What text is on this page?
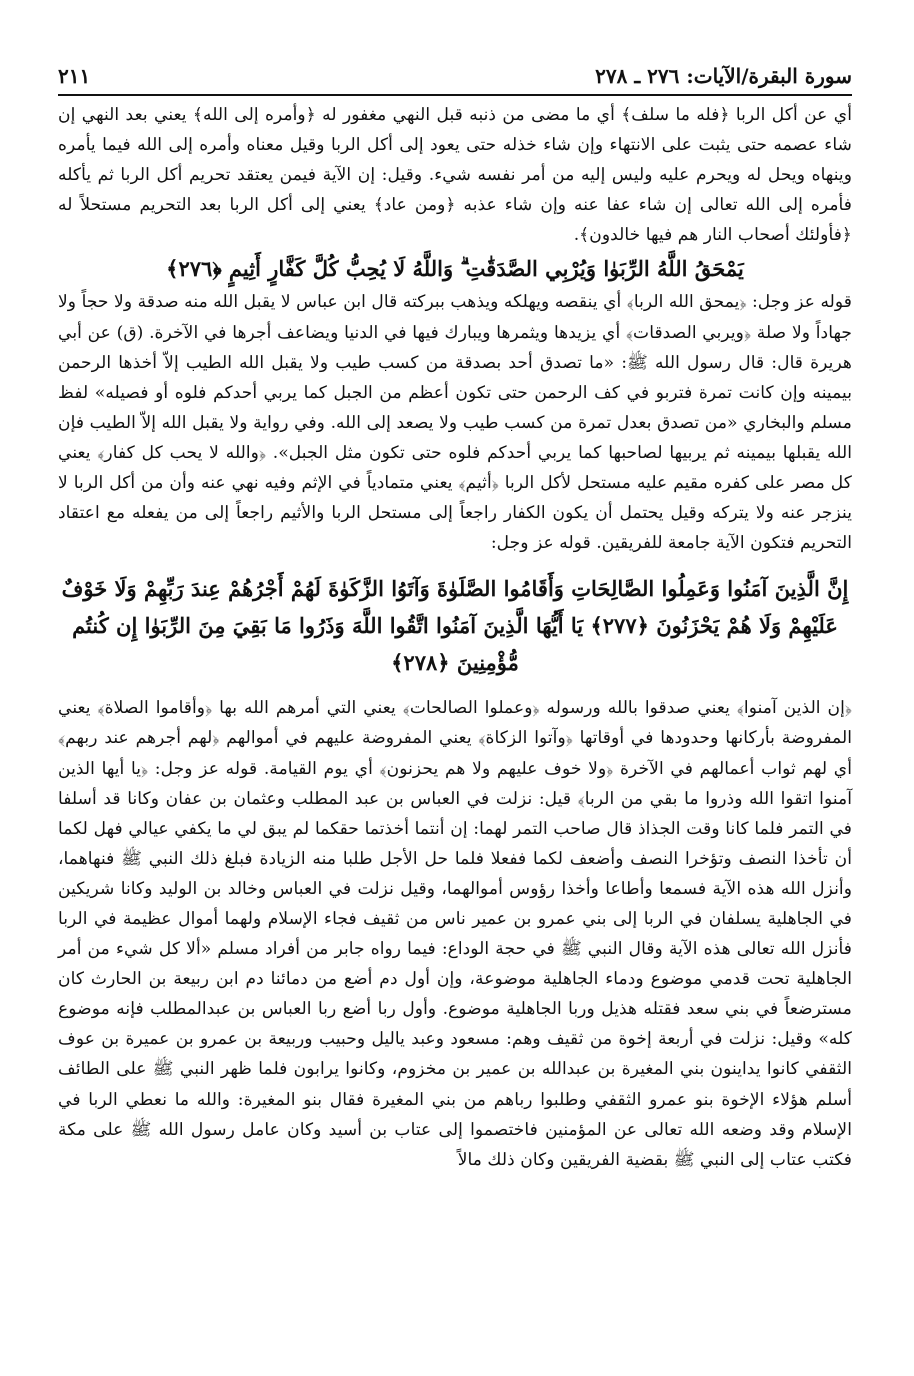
سورة البقرة/الآيات: ٢٧٦ ـ ٢٧٨
٢١١

أي عن أكل الربا ﴿فله ما سلف﴾ أي ما مضى من ذنبه قبل النهي مغفور له ﴿وأمره إلى الله﴾ يعني بعد النهي إن شاء عصمه حتى يثبت على الانتهاء وإن شاء خذله حتى يعود إلى أكل الربا وقيل معناه وأمره إلى الله فيما يأمره وينهاه ويحل له ويحرم عليه وليس إليه من أمر نفسه شيء. وقيل: إن الآية فيمن يعتقد تحريم أكل الربا ثم يأكله فأمره إلى الله تعالى إن شاء عفا عنه وإن شاء عذبه ﴿ومن عاد﴾ يعني إلى أكل الربا بعد التحريم مستحلاً له ﴿فأولئك أصحاب النار هم فيها خالدون﴾.

يَمْحَقُ اللَّهُ الرِّبَوٰا وَيُرْبِي الصَّدَقَٰتِ ۗ وَاللَّهُ لَا يُحِبُّ كُلَّ كَفَّارٍ أَثِيمٍ ﴿٢٧٦﴾

قوله عز وجل: ﴿يمحق الله الربا﴾ أي ينقصه ويهلكه ويذهب ببركته قال ابن عباس لا يقبل الله منه صدقة ولا حجاً ولا جهاداً ولا صلة ﴿ويربي الصدقات﴾ أي يزيدها ويثمرها ويبارك فيها في الدنيا ويضاعف أجرها في الآخرة. (ق) عن أبي هريرة قال: قال رسول الله ﷺ: «ما تصدق أحد بصدقة من كسب طيب ولا يقبل الله الطيب إلاّ أخذها الرحمن بيمينه وإن كانت تمرة فتربو في كف الرحمن حتى تكون أعظم من الجبل كما يربي أحدكم فلوه أو فصيله» لفظ مسلم والبخاري «من تصدق بعدل تمرة من كسب طيب ولا يصعد إلى الله. وفي رواية ولا يقبل الله إلاّ الطيب فإن الله يقبلها بيمينه ثم يربيها لصاحبها كما يربي أحدكم فلوه حتى تكون مثل الجبل». ﴿والله لا يحب كل كفار﴾ يعني كل مصر على كفره مقيم عليه مستحل لأكل الربا ﴿أثيم﴾ يعني متمادياً في الإثم وفيه نهي عنه وأن من أكل الربا لا ينزجر عنه ولا يتركه وقيل يحتمل أن يكون الكفار راجعاً إلى مستحل الربا والأثيم راجعاً إلى من يفعله مع اعتقاد التحريم فتكون الآية جامعة للفريقين. قوله عز وجل:

إِنَّ الَّذِينَ آمَنُوا وَعَمِلُوا الصَّالِحَاتِ وَأَقَامُوا الصَّلَوٰةَ وَآتَوُا الزَّكَوٰةَ لَهُمْ أَجْرُهُمْ عِندَ رَبِّهِمْ وَلَا خَوْفٌ عَلَيْهِمْ وَلَا هُمْ يَحْزَنُونَ ﴿٢٧٧﴾ يَا أَيُّهَا الَّذِينَ آمَنُوا اتَّقُوا اللَّهَ وَذَرُوا مَا بَقِيَ مِنَ الرِّبَوٰا إِن كُنتُم مُّؤْمِنِينَ ﴿٢٧٨﴾

﴿إن الذين آمنوا﴾ يعني صدقوا بالله ورسوله ﴿وعملوا الصالحات﴾ يعني التي أمرهم الله بها ﴿وأقاموا الصلاة﴾ يعني المفروضة بأركانها وحدودها في أوقاتها ﴿وآتوا الزكاة﴾ يعني المفروضة عليهم في أموالهم ﴿لهم أجرهم عند ربهم﴾ أي لهم ثواب أعمالهم في الآخرة ﴿ولا خوف عليهم ولا هم يحزنون﴾ أي يوم القيامة. قوله عز وجل: ﴿يا أيها الذين آمنوا اتقوا الله وذروا ما بقي من الربا﴾ قيل: نزلت في العباس بن عبد المطلب وعثمان بن عفان وكانا قد أسلفا في التمر فلما كانا وقت الجذاذ قال صاحب التمر لهما: إن أنتما أخذتما حقكما لم يبق لي ما يكفي عيالي فهل لكما أن تأخذا النصف وتؤخرا النصف وأضعف لكما ففعلا فلما حل الأجل طلبا منه الزيادة فبلغ ذلك النبي ﷺ فنهاهما، وأنزل الله هذه الآية فسمعا وأطاعا وأخذا رؤوس أموالهما، وقيل نزلت في العباس وخالد بن الوليد وكانا شريكين في الجاهلية يسلفان في الربا إلى بني عمرو بن عمير ناس من ثقيف فجاء الإسلام ولهما أموال عظيمة في الربا فأنزل الله تعالى هذه الآية وقال النبي ﷺ في حجة الوداع: فيما رواه جابر من أفراد مسلم «ألا كل شيء من أمر الجاهلية تحت قدمي موضوع ودماء الجاهلية موضوعة، وإن أول دم أضع من دمائنا دم ابن ربيعة بن الحارث كان مسترضعاً في بني سعد فقتله هذيل وربا الجاهلية موضوع. وأول ربا أضع ربا العباس بن عبدالمطلب فإنه موضوع كله» وقيل: نزلت في أربعة إخوة من ثقيف وهم: مسعود وعبد ياليل وحبيب وربيعة بن عمرو بن عميرة بن عوف الثقفي كانوا يداينون بني المغيرة بن عبدالله بن عمير بن مخزوم، وكانوا يرابون فلما ظهر النبي ﷺ على الطائف أسلم هؤلاء الإخوة بنو عمرو الثقفي وطلبوا رباهم من بني المغيرة فقال بنو المغيرة: والله ما نعطي الربا في الإسلام وقد وضعه الله تعالى عن المؤمنين فاختصموا إلى عتاب بن أسيد وكان عامل رسول الله ﷺ على مكة فكتب عتاب إلى النبي ﷺ بقضية الفريقين وكان ذلك مالاً
